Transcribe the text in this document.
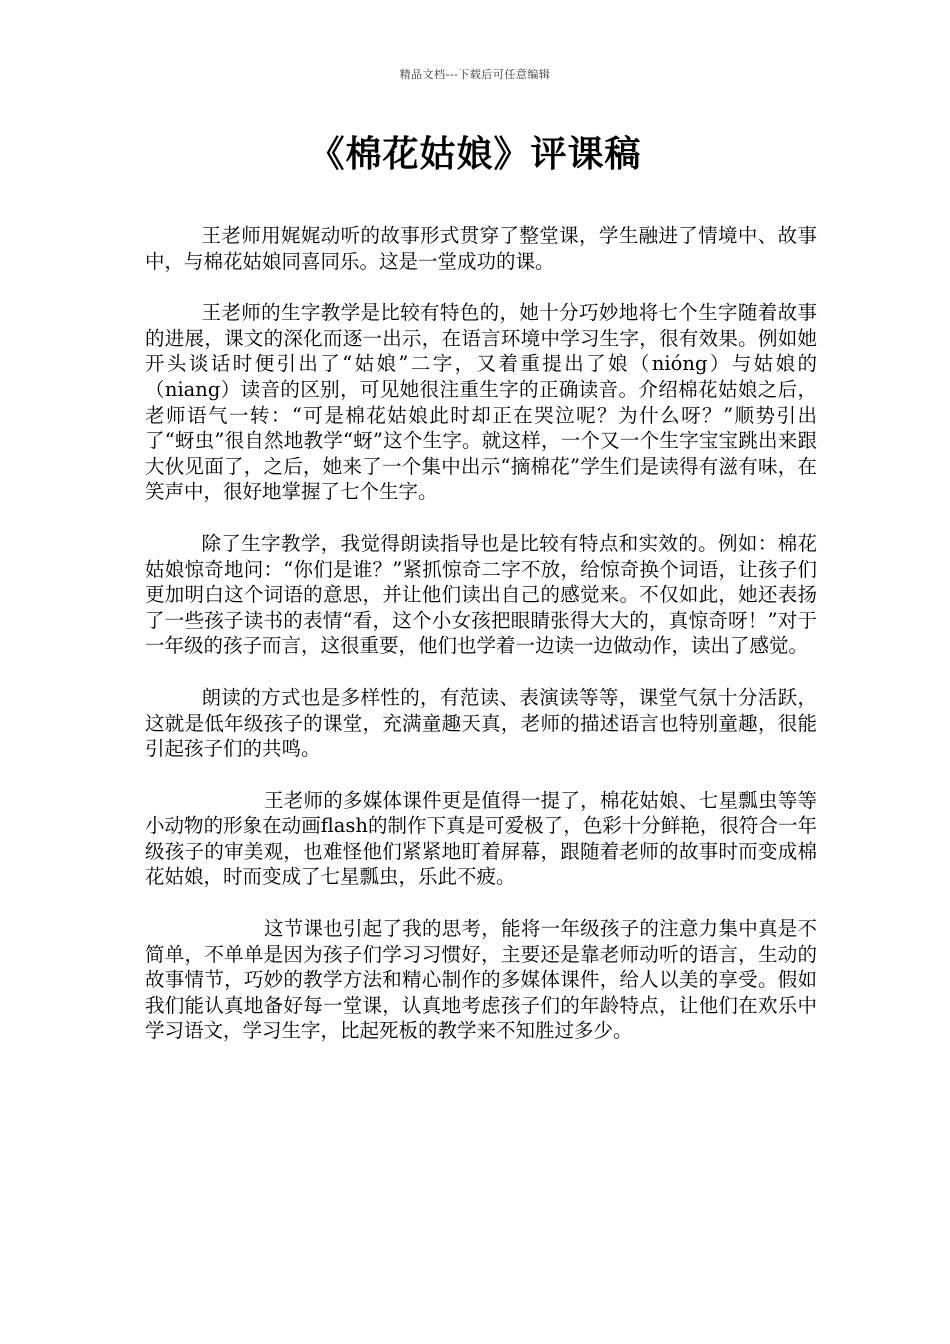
精品文档---下载后可任意编辑
《棉花姑娘》评课稿

王老师用娓娓动听的故事形式贯穿了整堂课，学生融进了情境中、故事中，与棉花姑娘同喜同乐。这是一堂成功的课。

王老师的生字教学是比较有特色的，她十分巧妙地将七个生字随着故事的进展，课文的深化而逐一出示，在语言环境中学习生字，很有效果。例如她开头谈话时便引出了“姑娘”二字，又着重提出了娘（nióng）与姑娘的（niang）读音的区别，可见她很注重生字的正确读音。介绍棉花姑娘之后，老师语气一转：“可是棉花姑娘此时却正在哭泣呢？为什么呀？”顺势引出了“蚜虫”很自然地教学“蚜”这个生字。就这样，一个又一个生字宝宝跳出来跟大伙见面了，之后，她来了一个集中出示“摘棉花”学生们是读得有滋有味，在笑声中，很好地掌握了七个生字。

除了生字教学，我觉得朗读指导也是比较有特点和实效的。例如：棉花姑娘惊奇地问：“你们是谁？”紧抓惊奇二字不放，给惊奇换个词语，让孩子们更加明白这个词语的意思，并让他们读出自己的感觉来。不仅如此，她还表扬了一些孩子读书的表情“看，这个小女孩把眼睛张得大大的，真惊奇呀！”对于一年级的孩子而言，这很重要，他们也学着一边读一边做动作，读出了感觉。

朗读的方式也是多样性的，有范读、表演读等等，课堂气氛十分活跃，这就是低年级孩子的课堂，充满童趣天真，老师的描述语言也特别童趣，很能引起孩子们的共鸣。

王老师的多媒体课件更是值得一提了，棉花姑娘、七星瓢虫等等小动物的形象在动画flash的制作下真是可爱极了，色彩十分鲜艳，很符合一年级孩子的审美观，也难怪他们紧紧地盯着屏幕，跟随着老师的故事时而变成棉花姑娘，时而变成了七星瓢虫，乐此不疲。

这节课也引起了我的思考，能将一年级孩子的注意力集中真是不简单，不单单是因为孩子们学习习惯好，主要还是靠老师动听的语言，生动的故事情节，巧妙的教学方法和精心制作的多媒体课件，给人以美的享受。假如我们能认真地备好每一堂课，认真地考虑孩子们的年龄特点，让他们在欢乐中学习语文，学习生字，比起死板的教学来不知胜过多少。
